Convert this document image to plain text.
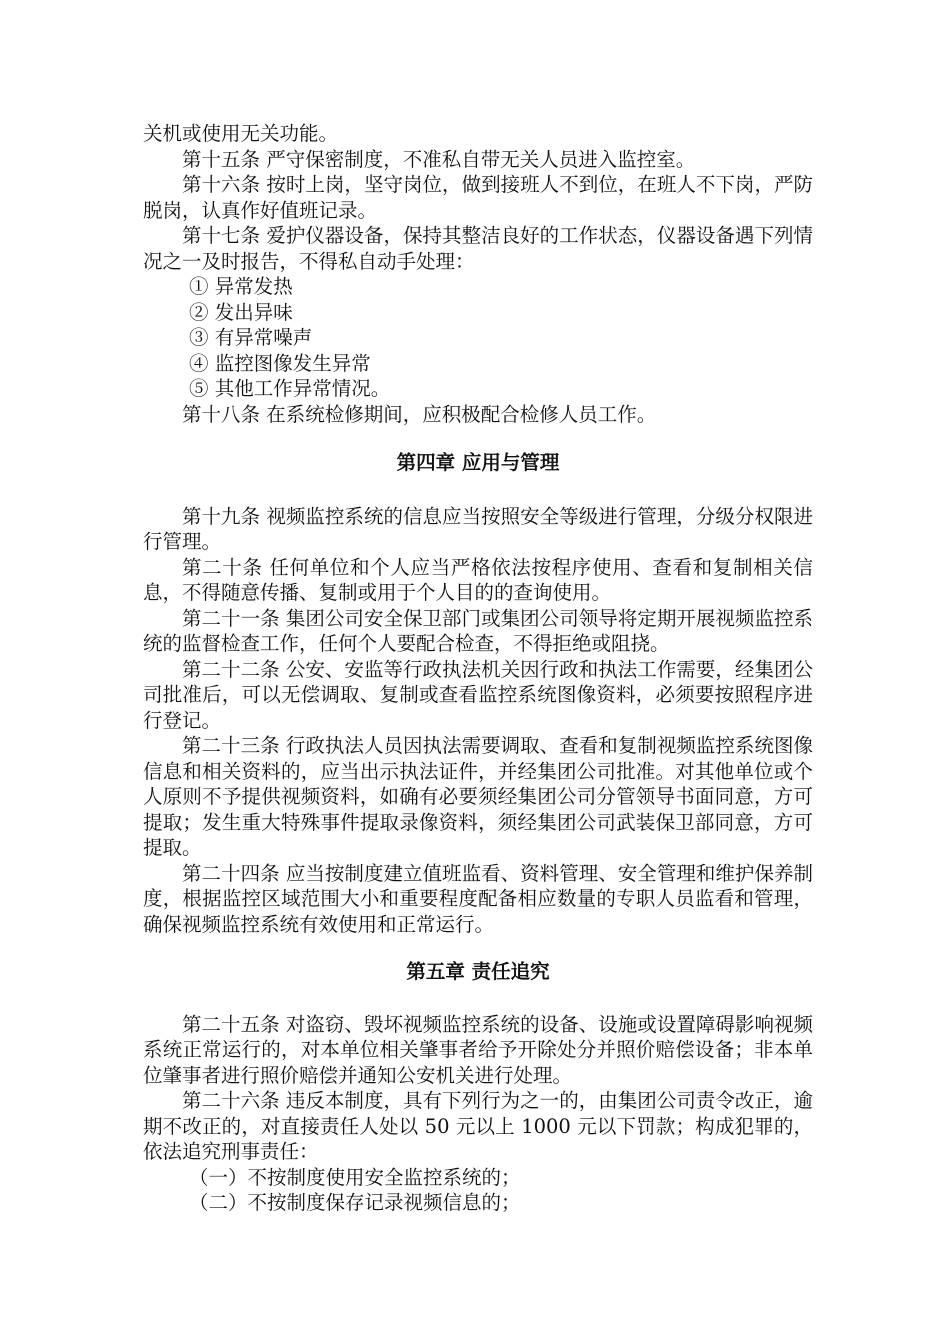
关机或使用无关功能。

第十五条 严守保密制度，不准私自带无关人员进入监控室。

第十六条 按时上岗，坚守岗位，做到接班人不到位，在班人不下岗，严防脱岗，认真作好值班记录。

第十七条 爱护仪器设备，保持其整洁良好的工作状态，仪器设备遇下列情况之一及时报告，不得私自动手处理：

① 异常发热

② 发出异味

③ 有异常噪声

④ 监控图像发生异常

⑤ 其他工作异常情况。

第十八条 在系统检修期间，应积极配合检修人员工作。

第四章 应用与管理

第十九条 视频监控系统的信息应当按照安全等级进行管理，分级分权限进行管理。

第二十条 任何单位和个人应当严格依法按程序使用、查看和复制相关信息，不得随意传播、复制或用于个人目的的查询使用。

第二十一条 集团公司安全保卫部门或集团公司领导将定期开展视频监控系统的监督检查工作，任何个人要配合检查，不得拒绝或阻挠。

第二十二条 公安、安监等行政执法机关因行政和执法工作需要，经集团公司批准后，可以无偿调取、复制或查看监控系统图像资料，必须要按照程序进行登记。

第二十三条 行政执法人员因执法需要调取、查看和复制视频监控系统图像信息和相关资料的，应当出示执法证件，并经集团公司批准。对其他单位或个人原则不予提供视频资料，如确有必要须经集团公司分管领导书面同意，方可提取；发生重大特殊事件提取录像资料，须经集团公司武装保卫部同意，方可提取。

第二十四条 应当按制度建立值班监看、资料管理、安全管理和维护保养制度，根据监控区域范围大小和重要程度配备相应数量的专职人员监看和管理，确保视频监控系统有效使用和正常运行。

第五章 责任追究

第二十五条 对盗窃、毁坏视频监控系统的设备、设施或设置障碍影响视频系统正常运行的，对本单位相关肇事者给予开除处分并照价赔偿设备；非本单位肇事者进行照价赔偿并通知公安机关进行处理。

第二十六条 违反本制度，具有下列行为之一的，由集团公司责令改正，逾期不改正的，对直接责任人处以 50 元以上 1000 元以下罚款；构成犯罪的，依法追究刑事责任：

（一）不按制度使用安全监控系统的；

（二）不按制度保存记录视频信息的；
